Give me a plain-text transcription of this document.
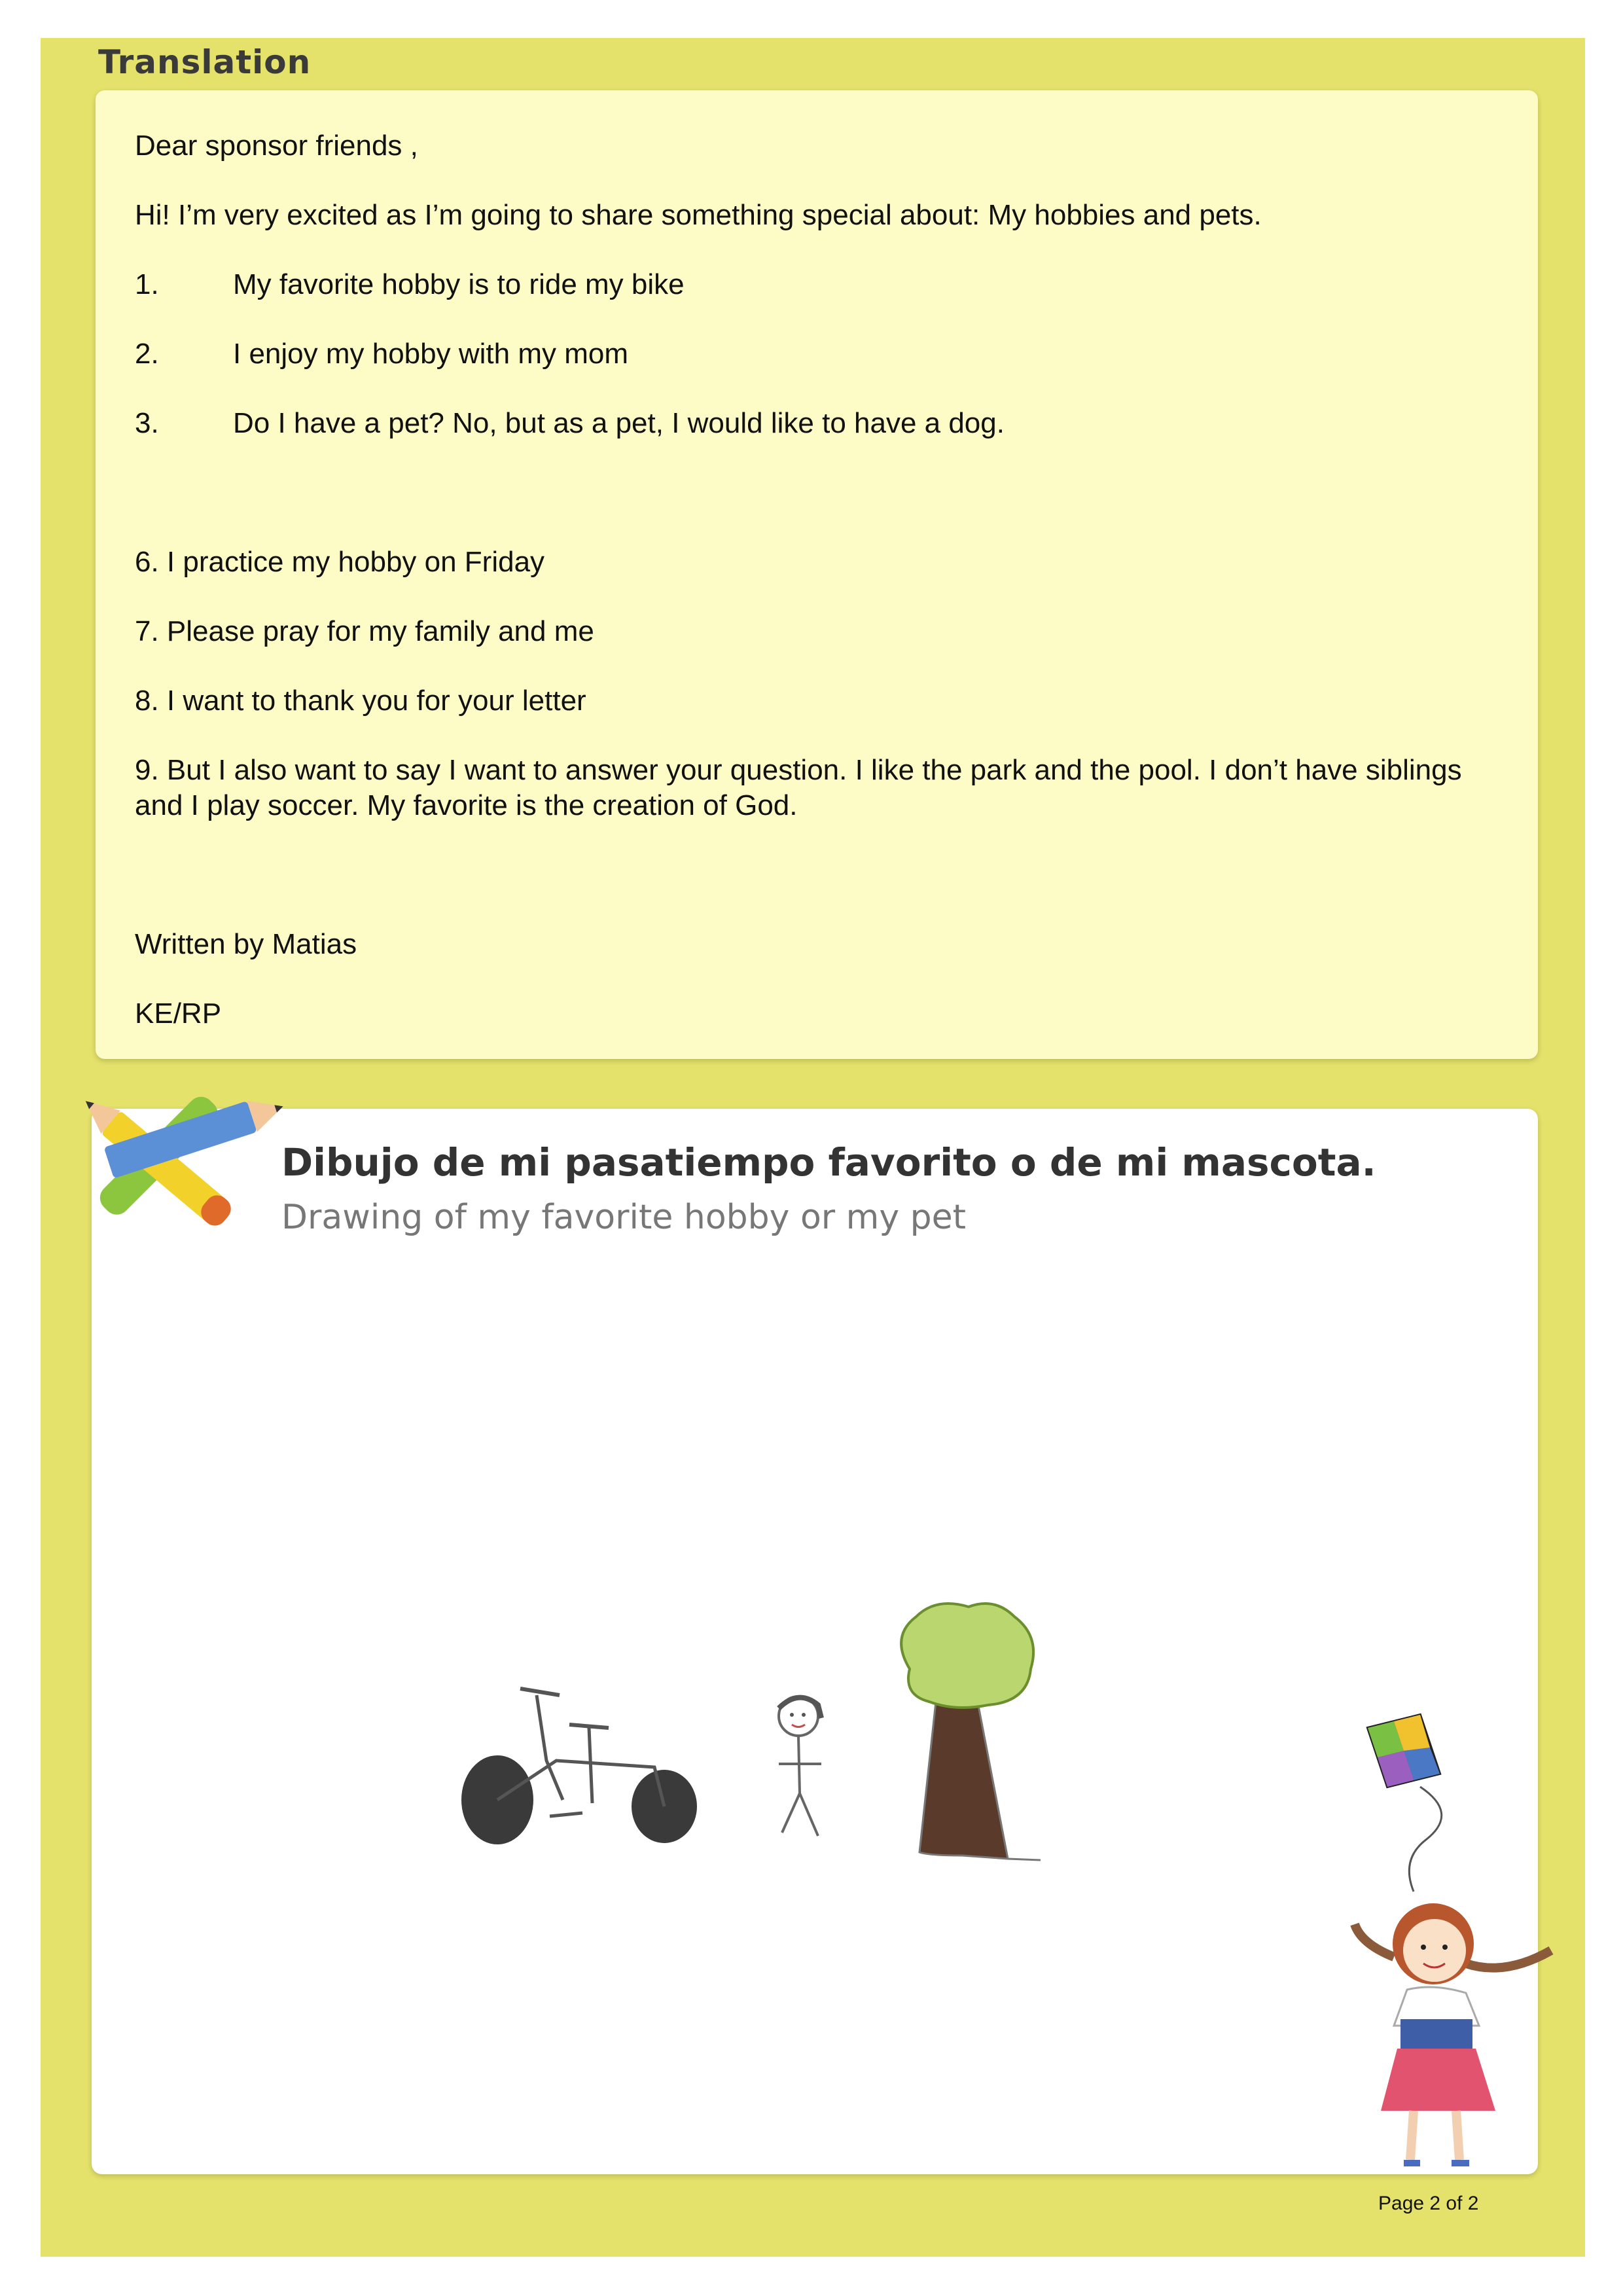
Translation
Dear sponsor friends ,
Hi! I’m very excited as I’m going to share something special about: My hobbies and pets.
1.	My favorite hobby is to ride my bike
2.	I enjoy my hobby with my mom
3.	Do I have a pet? No, but as a pet, I would like to have a dog.
6. I practice my hobby on Friday
7. Please pray for my family and me
8. I want to thank you for your letter
9. But I also want to say I want to answer your question. I like the park and the pool. I don’t have siblings
and I play soccer. My favorite is the creation of God.
Written by Matias
KE/RP
Dibujo de mi pasatiempo favorito o de mi mascota.
Drawing of my favorite hobby or my pet
Page 2 of 2
